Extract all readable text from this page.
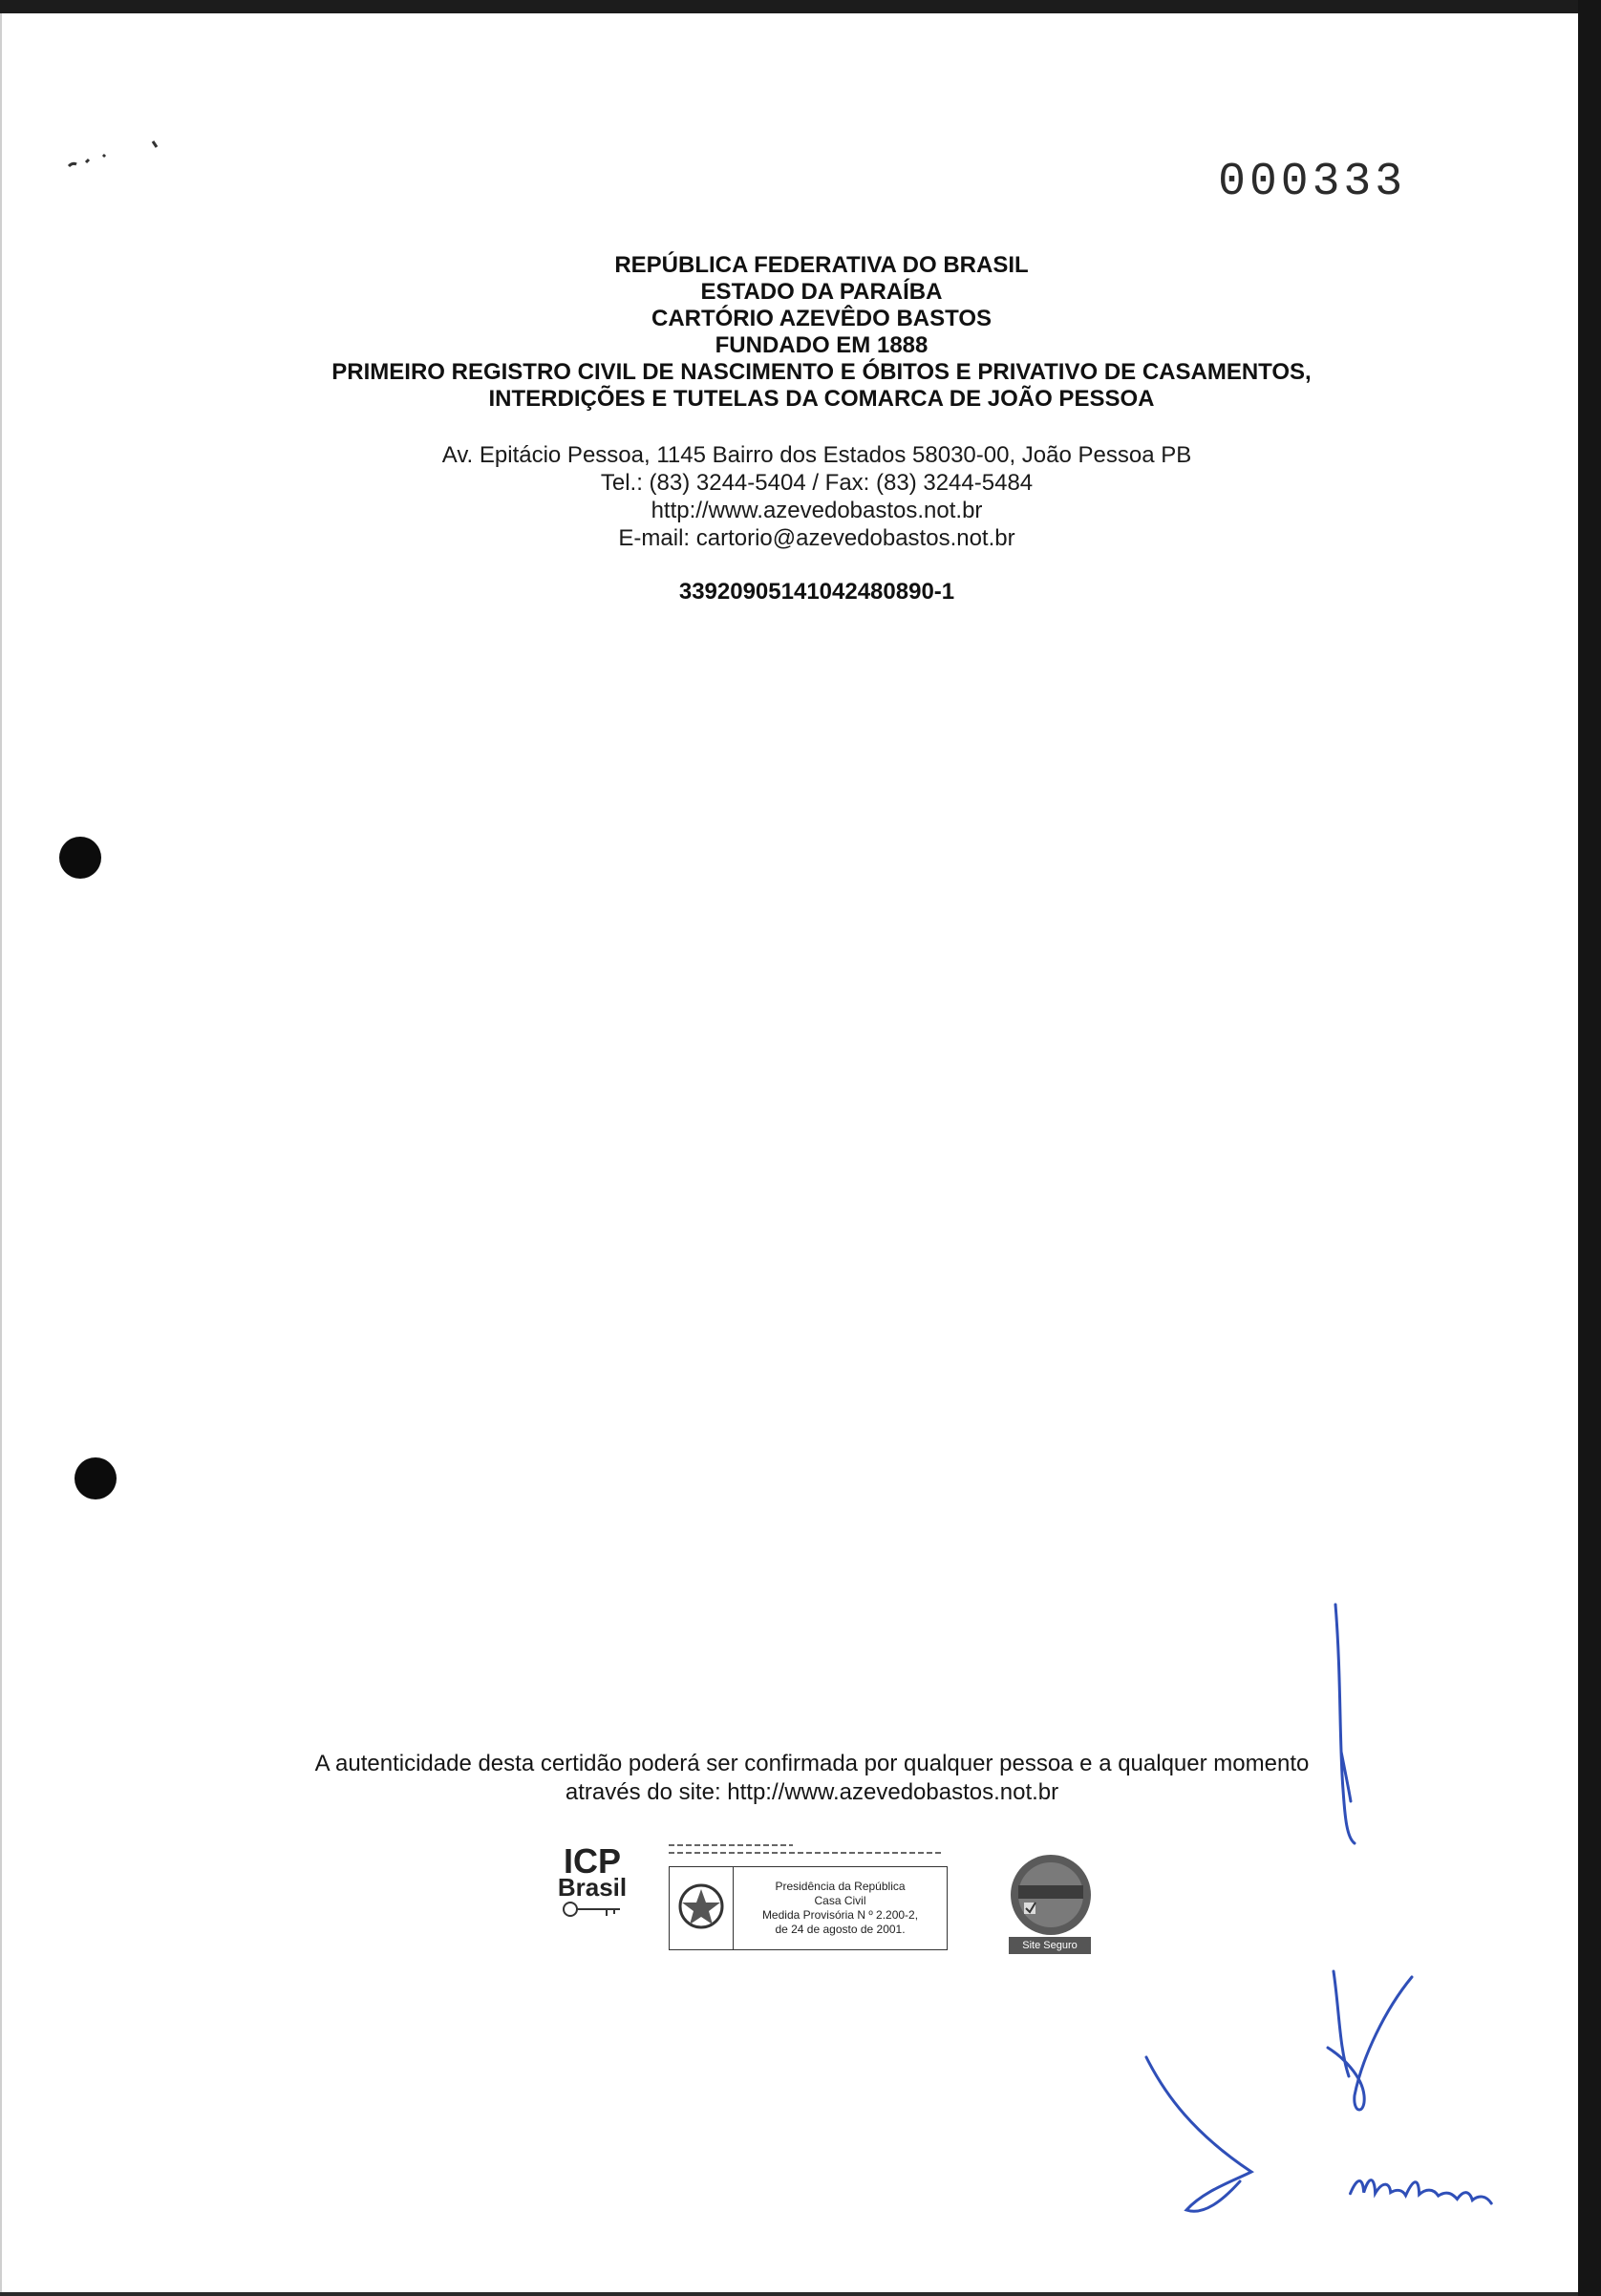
000333
REPÚBLICA FEDERATIVA DO BRASIL
ESTADO DA PARAÍBA
CARTÓRIO AZEVÊDO BASTOS
FUNDADO EM 1888
PRIMEIRO REGISTRO CIVIL DE NASCIMENTO E ÓBITOS E PRIVATIVO DE CASAMENTOS,
INTERDIÇÕES E TUTELAS DA COMARCA DE JOÃO PESSOA
Av. Epitácio Pessoa, 1145 Bairro dos Estados 58030-00, João Pessoa PB
Tel.: (83) 3244-5404 / Fax: (83) 3244-5484
http://www.azevedobastos.not.br
E-mail: cartorio@azevedobastos.not.br
33920905141042480890-1
A autenticidade desta certidão poderá ser confirmada por qualquer pessoa e a qualquer momento
através do site: http://www.azevedobastos.not.br
ICP
Brasil	Presidência da República
Casa Civil
Medida Provisória N º 2.200-2,
de 24 de agosto de 2001.
Site Seguro
